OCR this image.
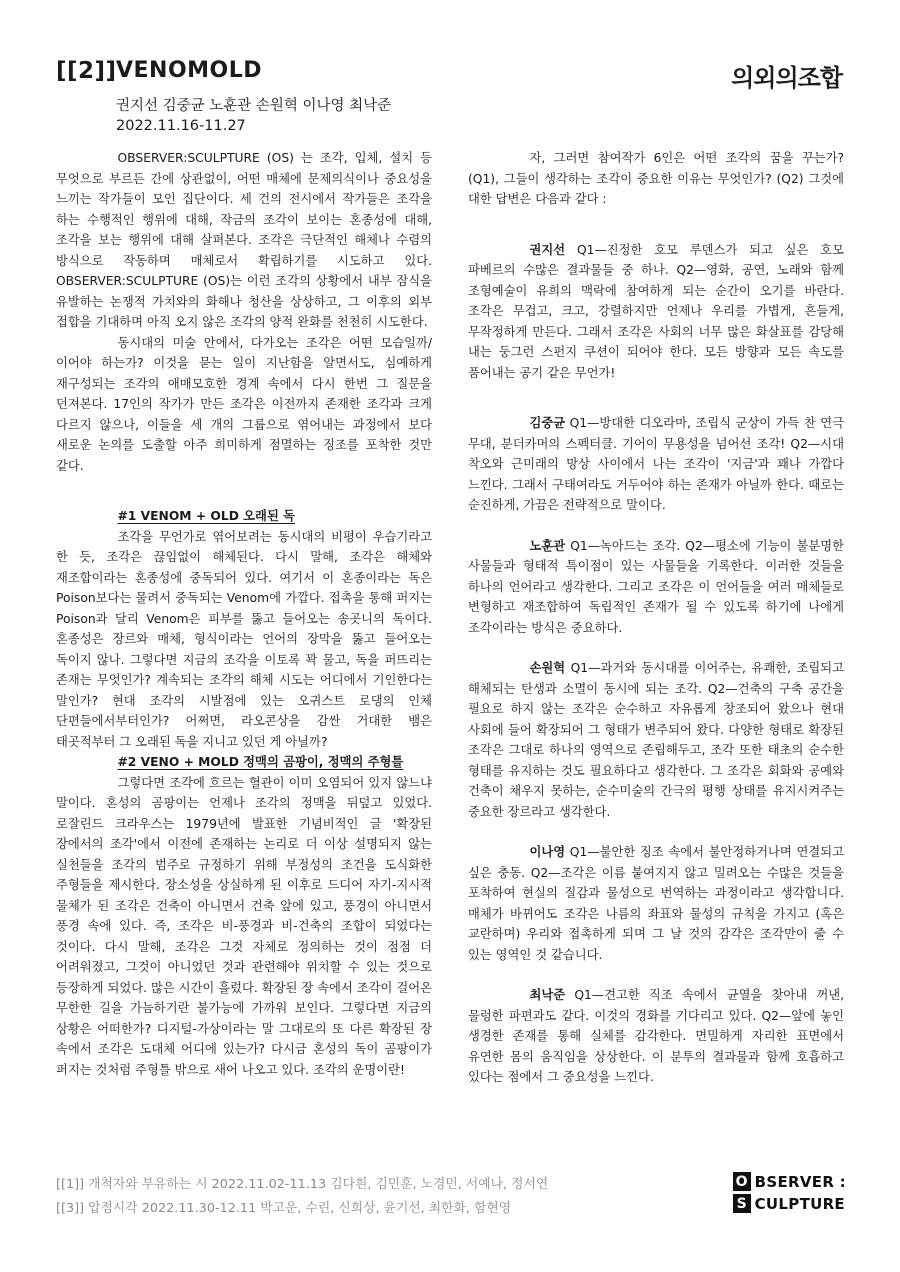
[[2]] VENOMOLD	의외의조합
권지선 김중균 노훈관 손원혁 이나영 최낙준
2022.11.16-11.27

OBSERVER:SCULPTURE (OS) 는 조각, 입체, 설치 등 무엇으로 부르든 간에 상관없이, 어떤 매체에 문제의식이나 중요성을 느끼는 작가들이 모인 집단이다. 세 건의 전시에서 작가들은 조각을 하는 수행적인 행위에 대해, 작금의 조각이 보이는 혼종성에 대해, 조각을 보는 행위에 대해 살펴본다. 조각은 극단적인 해체나 수렴의 방식으로 작동하며 매체로서 확립하기를 시도하고 있다. OBSERVER:SCULPTURE (OS)는 이런 조각의 상황에서 내부 잠식을 유발하는 논쟁적 가치와의 화해나 청산을 상상하고, 그 이후의 외부 접합을 기대하며 아직 오지 않은 조각의 양적 완화를 천천히 시도한다.

동시대의 미술 안에서, 다가오는 조각은 어떤 모습일까/이어야 하는가? 이것을 묻는 일이 지난함을 알면서도, 심예하게 재구성되는 조각의 애매모호한 경계 속에서 다시 한번 그 질문을 던져본다. 17인의 작가가 만든 조각은 이전까지 존재한 조각과 크게 다르지 않으나, 이들을 세 개의 그룹으로 엮어내는 과정에서 보다 새로운 논의를 도출할 아주 희미하게 점멸하는 징조를 포착한 것만 같다.

#1 VENOM + OLD 오래된 독

조각을 무언가로 엮어보려는 동시대의 비평이 우습기라고 한 듯, 조각은 끊임없이 해체된다. 다시 말해, 조각은 해체와 재조합이라는 혼종성에 중독되어 있다. 여기서 이 혼종이라는 독은 Poison보다는 물려서 중독되는 Venom에 가깝다. 접촉을 통해 퍼지는 Poison과 달리 Venom은 피부를 뚫고 들어오는 송곳니의 독이다. 혼종성은 장르와 매체, 형식이라는 언어의 장막을 뚫고 들어오는 독이지 않나. 그렇다면 지금의 조각을 이토록 꽉 물고, 독을 퍼뜨리는 존재는 무엇인가? 계속되는 조각의 해체 시도는 어디에서 기인한다는 말인가? 현대 조각의 시발점에 있는 오귀스트 로댕의 인체 단편들에서부터인가? 어쩌면, 라오콘상을 감싼 거대한 뱀은 태곳적부터 그 오래된 독을 지니고 있던 게 아닐까?

#2 VENO + MOLD 정맥의 곰팡이, 정맥의 주형틀

그렇다면 조각에 흐르는 혈관이 이미 오염되어 있지 않느냐 말이다. 혼성의 곰팡이는 언제나 조각의 정맥을 뒤덮고 있었다. 로잘린드 크라우스는 1979년에 발표한 기념비적인 글 '확장된 장에서의 조각'에서 이전에 존재하는 논리로 더 이상 설명되지 않는 실천들을 조각의 범주로 규정하기 위해 부정성의 조건을 도식화한 주형들을 제시한다. 장소성을 상실하게 된 이후로 드디어 자기-지시적 물체가 된 조각은 건축이 아니면서 건축 앞에 있고, 풍경이 아니면서 풍경 속에 있다. 즉, 조각은 비-풍경과 비-건축의 조합이 되었다는 것이다. 다시 말해, 조각은 그것 자체로 정의하는 것이 점점 더 어려워졌고, 그것이 아니었던 것과 관련해야 위치할 수 있는 것으로 등장하게 되었다. 많은 시간이 흘렀다. 확장된 장 속에서 조각이 걸어온 무한한 길을 가늠하기란 불가능에 가까워 보인다. 그렇다면 지금의 상황은 어떠한가? 디지털-가상이라는 말 그대로의 또 다른 확장된 장 속에서 조각은 도대체 어디에 있는가? 다시금 혼성의 독이 곰팡이가 퍼지는 것처럼 주형틀 밖으로 새어 나오고 있다. 조각의 운명이란!

자, 그러면 참여작가 6인은 어떤 조각의 꿈을 꾸는가? (Q1), 그들이 생각하는 조각이 중요한 이유는 무엇인가? (Q2) 그것에 대한 답변은 다음과 같다 :

권지선 Q1—진정한 호모 루덴스가 되고 싶은 호모 파베르의 수많은 결과물들 중 하나. Q2—영화, 공연, 노래와 함께 조형예술이 유희의 맥락에 참여하게 되는 순간이 오기를 바란다. 조각은 무겁고, 크고, 강렬하지만 언제나 우리를 가볍게, 흔들게, 무작정하게 만든다. 그래서 조각은 사회의 너무 많은 화살표를 감당해 내는 둥그런 스펀지 쿠션이 되어야 한다. 모든 방향과 모든 속도를 품어내는 공기 같은 무언가!

김중균 Q1—방대한 디오라마, 조립식 군상이 가득 찬 연극 무대, 분더카머의 스펙터클. 기어이 무용성을 넘어선 조각! Q2—시대 착오와 근미래의 망상 사이에서 나는 조각이 '지금'과 꽤나 가깝다 느낀다. 그래서 구태여라도 거두어야 하는 존재가 아닐까 한다. 때로는 순진하게, 가끔은 전략적으로 말이다.

노훈관 Q1—녹아드는 조각. Q2—평소에 기능이 불분명한 사물들과 형태적 특이점이 있는 사물들을 기록한다. 이러한 것들을 하나의 언어라고 생각한다. 그리고 조각은 이 언어들을 여러 매체들로 변형하고 재조합하여 독립적인 존재가 될 수 있도록 하기에 나에게 조각이라는 방식은 중요하다.

손원혁 Q1—과거와 동시대를 이어주는, 유쾌한, 조립되고 해체되는 탄생과 소멸이 동시에 되는 조각. Q2—건축의 구축 공간을 필요로 하지 않는 조각은 순수하고 자유롭게 창조되어 왔으나 현대 사회에 들어 확장되어 그 형태가 변주되어 왔다. 다양한 형태로 확장된 조각은 그대로 하나의 영역으로 존립해두고, 조각 또한 태초의 순수한 형태를 유지하는 것도 필요하다고 생각한다. 그 조각은 회화와 공예와 건축이 채우지 못하는, 순수미술의 간극의 평행 상태를 유지시켜주는 중요한 장르라고 생각한다.

이나영 Q1—불안한 징조 속에서 불안정하거나며 연결되고 싶은 충동. Q2—조각은 이름 붙여지지 않고 밀려오는 수많은 것들을 포착하여 현실의 질감과 물성으로 번역하는 과정이라고 생각합니다. 매체가 바뀌어도 조각은 나름의 좌표와 물성의 규칙을 가지고 (혹은 교란하며) 우리와 접촉하게 되며 그 날 것의 감각은 조각만이 줄 수 있는 영역인 것 같습니다.

최낙준 Q1—견고한 직조 속에서 균열을 찾아내 꺼낸, 물렁한 파편과도 같다. 이것의 경화를 기다리고 있다. Q2—앞에 놓인 생경한 존재를 통해 실체를 감각한다. 면밀하게 자리한 표면에서 유연한 몸의 움직임을 상상한다. 이 분투의 결과물과 함께 호흡하고 있다는 점에서 그 중요성을 느낀다.

[[1]] 개척자와 부유하는 시 2022.11.02-11.13 김다흰, 김민훈, 노경민, 서예나, 정서연
[[3]] 압점시각 2022.11.30-12.11 박고운, 수린, 신희상, 윤기선, 최한화, 함현영
O BSERVER :
S CULPTURE
